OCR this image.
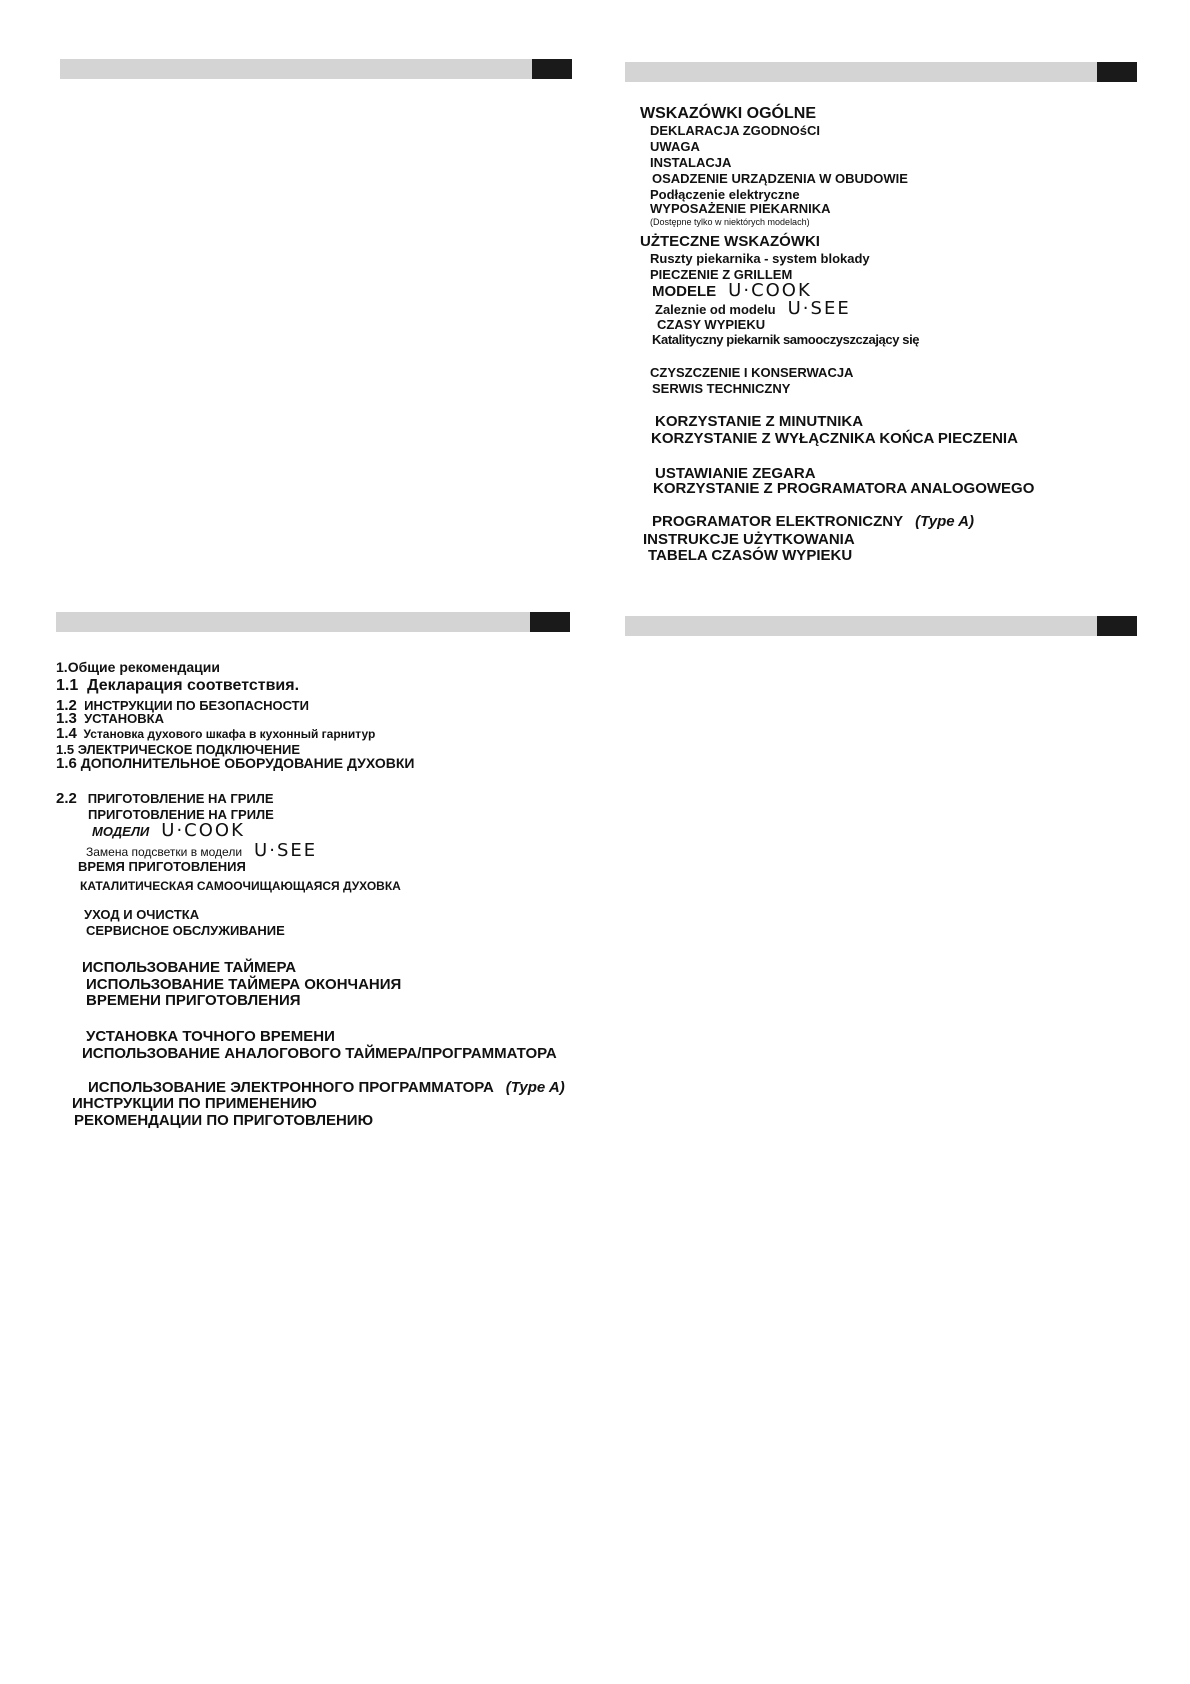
WSKAZÓWKI OGÓLNE
DEKLARACJA ZGODNOśCI
UWAGA
INSTALACJA
OSADZENIE URZĄDZENIA W OBUDOWIE
Podłączenie elektryczne
WYPOSAŻENIE PIEKARNIKA
(Dostępne tylko w niektórych modelach)
UŻTECZNE WSKAZÓWKI
Ruszty piekarnika - system blokady
PIECZENIE Z GRILLEM
MODELE U·COOK
Zaleznie od modelu U·SEE
CZASY WYPIEKU
Katalityczny piekarnik samooczyszczający się
CZYSZCZENIE I KONSERWACJA
SERWIS TECHNICZNY
KORZYSTANIE Z MINUTNIKA
KORZYSTANIE Z WYŁĄCZNIKA KOŃCA PIECZENIA
USTAWIANIE ZEGARA
KORZYSTANIE Z PROGRAMATORA ANALOGOWEGO
PROGRAMATOR ELEKTRONICZNY (Type A)
INSTRUKCJE UŻYTKOWANIA
TABELA CZASÓW WYPIEKU
1.Общие рекомендации
1.1 Декларация соответствия.
1.2 ИНСТРУКЦИИ ПО БЕЗОПАСНОСТИ
1.3 УСТАНОВКА
1.4 Установка духового шкафа в кухонный гарнитур
1.5 ЭЛЕКТРИЧЕСКОЕ ПОДКЛЮЧЕНИЕ
1.6 ДОПОЛНИТЕЛЬНОЕ ОБОРУДОВАНИЕ ДУХОВКИ
2.2 ПРИГОТОВЛЕНИЕ НА ГРИЛЕ
ПРИГОТОВЛЕНИЕ НА ГРИЛЕ
МОДЕЛИ U·COOK
Замена подсветки в модели U·SEE
ВРЕМЯ ПРИГОТОВЛЕНИЯ
КАТАЛИТИЧЕСКАЯ САМООЧИЩАЮЩАЯСЯ ДУХОВКА
УХОД И ОЧИСТКА
СЕРВИСНОЕ ОБСЛУЖИВАНИЕ
ИСПОЛЬЗОВАНИЕ ТАЙМЕРА
ИСПОЛЬЗОВАНИЕ ТАЙМЕРА ОКОНЧАНИЯ
ВРЕМЕНИ ПРИГОТОВЛЕНИЯ
УСТАНОВКА ТОЧНОГО ВРЕМЕНИ
ИСПОЛЬЗОВАНИЕ АНАЛОГОВОГО ТАЙМЕРА/ПРОГРАММАТОРА
ИСПОЛЬЗОВАНИЕ ЭЛЕКТРОННОГО ПРОГРАММАТОРА (Type A)
ИНСТРУКЦИИ ПО ПРИМЕНЕНИЮ
РЕКОМЕНДАЦИИ ПО ПРИГОТОВЛЕНИЮ
